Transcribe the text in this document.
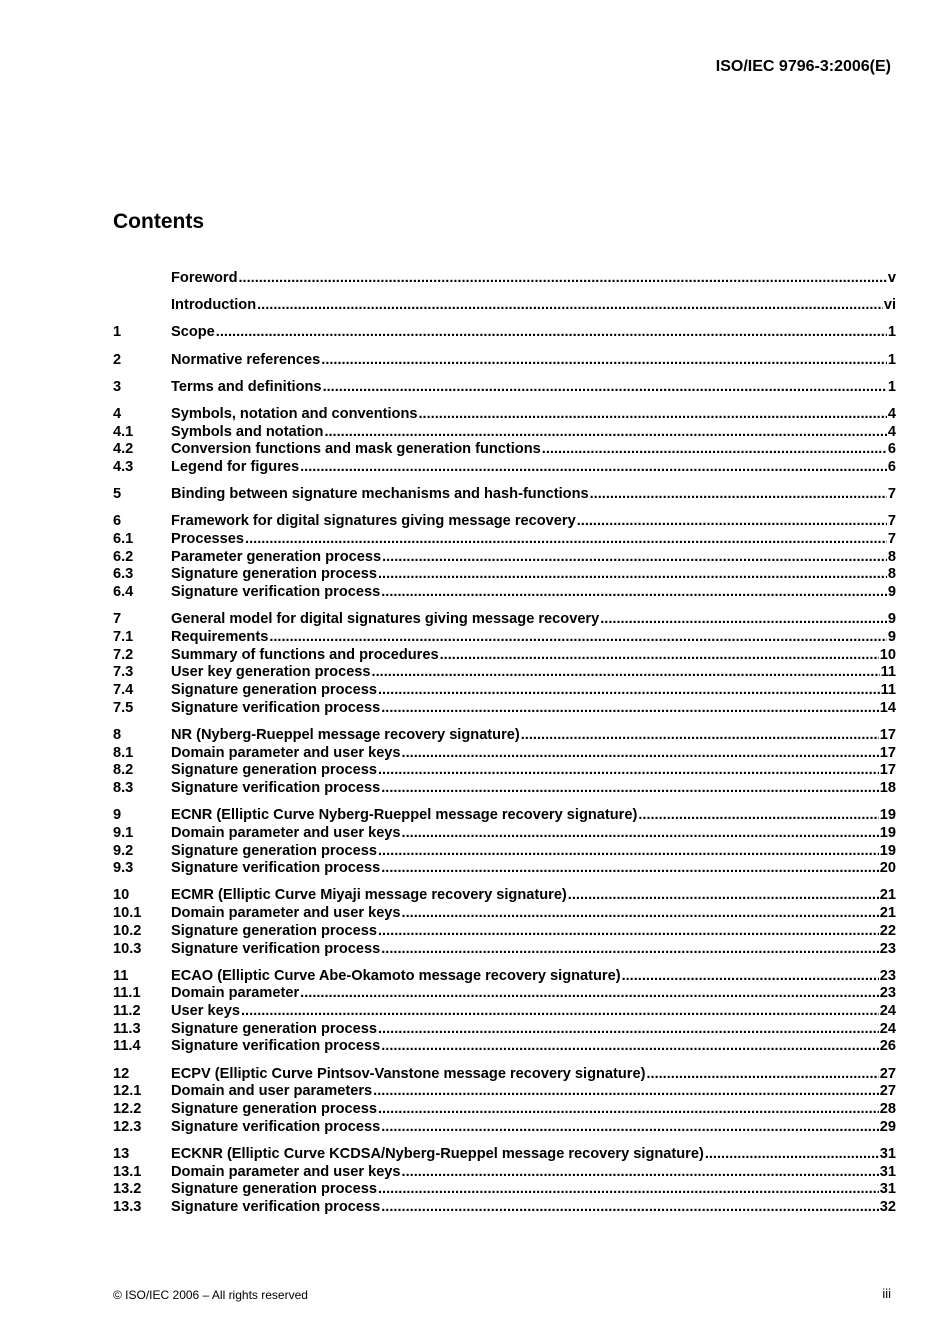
ISO/IEC 9796-3:2006(E)
Contents
Foreword .....	v
Introduction .....	vi
1	Scope .....	1
2	Normative references .....	1
3	Terms and definitions .....	1
4	Symbols, notation and conventions .....	4
4.1	Symbols and notation .....	4
4.2	Conversion functions and mask generation functions .....	6
4.3	Legend for figures .....	6
5	Binding between signature mechanisms and hash-functions .....	7
6	Framework for digital signatures giving message recovery .....	7
6.1	Processes .....	7
6.2	Parameter generation process .....	8
6.3	Signature generation process .....	8
6.4	Signature verification process .....	9
7	General model for digital signatures giving message recovery .....	9
7.1	Requirements .....	9
7.2	Summary of functions and procedures .....	10
7.3	User key generation process .....	11
7.4	Signature generation process .....	11
7.5	Signature verification process .....	14
8	NR (Nyberg-Rueppel message recovery signature) .....	17
8.1	Domain parameter and user keys .....	17
8.2	Signature generation process .....	17
8.3	Signature verification process .....	18
9	ECNR (Elliptic Curve Nyberg-Rueppel message recovery signature) .....	19
9.1	Domain parameter and user keys .....	19
9.2	Signature generation process .....	19
9.3	Signature verification process .....	20
10	ECMR (Elliptic Curve Miyaji message recovery signature) .....	21
10.1	Domain parameter and user keys .....	21
10.2	Signature generation process .....	22
10.3	Signature verification process .....	23
11	ECAO (Elliptic Curve Abe-Okamoto message recovery signature) .....	23
11.1	Domain parameter .....	23
11.2	User keys .....	24
11.3	Signature generation process .....	24
11.4	Signature verification process .....	26
12	ECPV (Elliptic Curve Pintsov-Vanstone message recovery signature) .....	27
12.1	Domain and user parameters .....	27
12.2	Signature generation process .....	28
12.3	Signature verification process .....	29
13	ECKNR (Elliptic Curve KCDSA/Nyberg-Rueppel message recovery signature) .....	31
13.1	Domain parameter and user keys .....	31
13.2	Signature generation process .....	31
13.3	Signature verification process .....	32
© ISO/IEC 2006 – All rights reserved	iii
